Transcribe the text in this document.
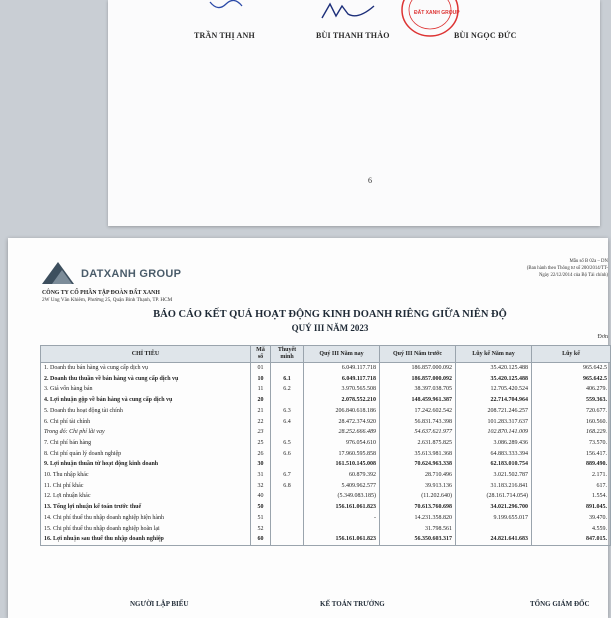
ĐẤT XANH GROUP
TRẦN THỊ ANH	BÙI THANH THẢO	BÙI NGỌC ĐỨC
6
DATXANH GROUP
CÔNG TY CỔ PHẦN TẬP ĐOÀN ĐẤT XANH
2W Ung Văn Khiêm, Phường 25, Quận Bình Thạnh, TP. HCM
Mẫu số B 02a – DN
(Ban hành theo Thông tư số 200/2014/TT-
Ngày 22/12/2014 của Bộ Tài chính)
BÁO CÁO KẾT QUẢ HOẠT ĐỘNG KINH DOANH RIÊNG GIỮA NIÊN ĐỘ
QUÝ III NĂM 2023
Đơn
CHỈ TIÊU	Mã số	Thuyết minh	Quý III Năm nay	Quý III Năm trước	Lũy kế Năm nay	Lũy kế
1. Doanh thu bán hàng và cung cấp dịch vụ	01		6.049.117.718	186.857.000.092	35.420.125.488	965.642.5
2. Doanh thu thuần về bán hàng và cung cấp dịch vụ	10	6.1	6.049.117.718	186.857.000.092	35.420.125.488	965.642.5
3. Giá vốn hàng bán	11	6.2	3.970.565.508	38.397.038.705	12.705.420.524	406.279.
4. Lợi nhuận gộp về bán hàng và cung cấp dịch vụ	20		2.078.552.210	148.459.961.387	22.714.704.964	559.363.
5. Doanh thu hoạt động tài chính	21	6.3	206.840.618.186	17.242.602.542	208.721.246.257	720.677.
6. Chi phí tài chính	22	6.4	28.472.374.920	56.831.743.398	101.283.317.637	160.560.
Trong đó: Chi phí lãi vay	23		28.252.666.489	54.637.621.977	102.870.141.009	168.229.
7. Chi phí bán hàng	25	6.5	976.054.610	2.631.875.825	3.086.289.436	73.570.
8. Chi phí quản lý doanh nghiệp	26	6.6	17.960.595.858	35.613.981.368	64.883.333.394	156.417.
9. Lợi nhuận thuần từ hoạt động kinh doanh	30		161.510.145.008	70.624.963.338	62.183.010.754	889.490.
10. Thu nhập khác	31	6.7	60.879.392	28.710.496	3.021.502.787	2.171.
11. Chi phí khác	32	6.8	5.409.962.577	39.913.136	31.183.216.841	617.
12. Lợi nhuận khác	40		(5.349.083.185)	(11.202.640)	(28.161.714.054)	1.554.
13. Tổng lợi nhuận kế toán trước thuế	50		156.161.061.823	70.613.760.698	34.021.296.700	891.045.
14. Chi phí thuế thu nhập doanh nghiệp hiện hành	51		-	14.231.358.820	9.199.655.017	39.470.
15. Chi phí thuế thu nhập doanh nghiệp hoãn lại	52			31.798.561		4.559.
16. Lợi nhuận sau thuế thu nhập doanh nghiệp	60		156.161.061.823	56.350.603.317	24.821.641.683	847.015.
NGƯỜI LẬP BIỂU	KẾ TOÁN TRƯỞNG	TỔNG GIÁM ĐỐC
